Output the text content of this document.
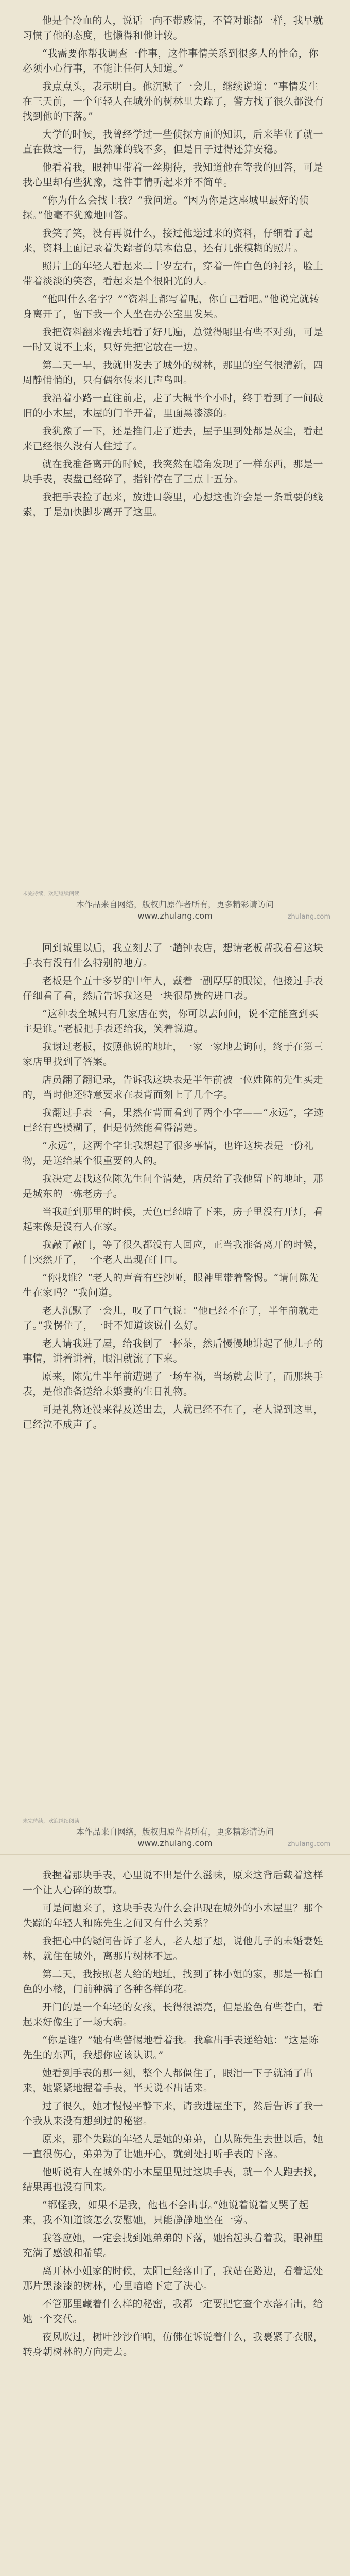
他是个冷血的人，说话一向不带感情，不管对谁都一样，我早就习惯了他的态度，也懒得和他计较。

“我需要你帮我调查一件事，这件事情关系到很多人的性命，你必须小心行事，不能让任何人知道。”

我点点头，表示明白。他沉默了一会儿，继续说道：“事情发生在三天前，一个年轻人在城外的树林里失踪了，警方找了很久都没有找到他的下落。”

大学的时候，我曾经学过一些侦探方面的知识，后来毕业了就一直在做这一行，虽然赚的钱不多，但是日子过得还算安稳。

他看着我，眼神里带着一丝期待，我知道他在等我的回答，可是我心里却有些犹豫，这件事情听起来并不简单。

“你为什么会找上我？”我问道。“因为你是这座城里最好的侦探。”他毫不犹豫地回答。

我笑了笑，没有再说什么，接过他递过来的资料，仔细看了起来，资料上面记录着失踪者的基本信息，还有几张模糊的照片。

照片上的年轻人看起来二十岁左右，穿着一件白色的衬衫，脸上带着淡淡的笑容，看起来是个很阳光的人。

“他叫什么名字？”“资料上都写着呢，你自己看吧。”他说完就转身离开了，留下我一个人坐在办公室里发呆。

我把资料翻来覆去地看了好几遍，总觉得哪里有些不对劲，可是一时又说不上来，只好先把它放在一边。

第二天一早，我就出发去了城外的树林，那里的空气很清新，四周静悄悄的，只有偶尔传来几声鸟叫。

我沿着小路一直往前走，走了大概半个小时，终于看到了一间破旧的小木屋，木屋的门半开着，里面黑漆漆的。

我犹豫了一下，还是推门走了进去，屋子里到处都是灰尘，看起来已经很久没有人住过了。

就在我准备离开的时候，我突然在墙角发现了一样东西，那是一块手表，表盘已经碎了，指针停在了三点十五分。

我把手表捡了起来，放进口袋里，心想这也许会是一条重要的线索，于是加快脚步离开了这里。

未完待续，欢迎继续阅读
本作品来自网络，版权归原作者所有，更多精彩请访问
www.zhulang.com	zhulang.com

回到城里以后，我立刻去了一趟钟表店，想请老板帮我看看这块手表有没有什么特别的地方。

老板是个五十多岁的中年人，戴着一副厚厚的眼镜，他接过手表仔细看了看，然后告诉我这是一块很昂贵的进口表。

“这种表全城只有几家店在卖，你可以去问问，说不定能查到买主是谁。”老板把手表还给我，笑着说道。

我谢过老板，按照他说的地址，一家一家地去询问，终于在第三家店里找到了答案。

店员翻了翻记录，告诉我这块表是半年前被一位姓陈的先生买走的，当时他还特意要求在表背面刻上了几个字。

我翻过手表一看，果然在背面看到了两个小字——“永远”，字迹已经有些模糊了，但是仍然能看得清楚。

“永远”，这两个字让我想起了很多事情，也许这块表是一份礼物，是送给某个很重要的人的。

我决定去找这位陈先生问个清楚，店员给了我他留下的地址，那是城东的一栋老房子。

当我赶到那里的时候，天色已经暗了下来，房子里没有开灯，看起来像是没有人在家。

我敲了敲门，等了很久都没有人回应，正当我准备离开的时候，门突然开了，一个老人出现在门口。

“你找谁？”老人的声音有些沙哑，眼神里带着警惕。“请问陈先生在家吗？”我问道。

老人沉默了一会儿，叹了口气说：“他已经不在了，半年前就走了。”我愣住了，一时不知道该说什么好。

老人请我进了屋，给我倒了一杯茶，然后慢慢地讲起了他儿子的事情，讲着讲着，眼泪就流了下来。

原来，陈先生半年前遭遇了一场车祸，当场就去世了，而那块手表，是他准备送给未婚妻的生日礼物。

可是礼物还没来得及送出去，人就已经不在了，老人说到这里，已经泣不成声了。

未完待续，欢迎继续阅读
本作品来自网络，版权归原作者所有，更多精彩请访问
www.zhulang.com	zhulang.com

我握着那块手表，心里说不出是什么滋味，原来这背后藏着这样一个让人心碎的故事。

可是问题来了，这块手表为什么会出现在城外的小木屋里？那个失踪的年轻人和陈先生之间又有什么关系？

我把心中的疑问告诉了老人，老人想了想，说他儿子的未婚妻姓林，就住在城外，离那片树林不远。

第二天，我按照老人给的地址，找到了林小姐的家，那是一栋白色的小楼，门前种满了各种各样的花。

开门的是一个年轻的女孩，长得很漂亮，但是脸色有些苍白，看起来好像生了一场大病。

“你是谁？”她有些警惕地看着我。我拿出手表递给她：“这是陈先生的东西，我想你应该认识。”

她看到手表的那一刻，整个人都僵住了，眼泪一下子就涌了出来，她紧紧地握着手表，半天说不出话来。

过了很久，她才慢慢平静下来，请我进屋坐下，然后告诉了我一个我从来没有想到过的秘密。

原来，那个失踪的年轻人是她的弟弟，自从陈先生去世以后，她一直很伤心，弟弟为了让她开心，就到处打听手表的下落。

他听说有人在城外的小木屋里见过这块手表，就一个人跑去找，结果再也没有回来。

“都怪我，如果不是我，他也不会出事。”她说着说着又哭了起来，我不知道该怎么安慰她，只能静静地坐在一旁。

我答应她，一定会找到她弟弟的下落，她抬起头看着我，眼神里充满了感激和希望。

离开林小姐家的时候，太阳已经落山了，我站在路边，看着远处那片黑漆漆的树林，心里暗暗下定了决心。

不管那里藏着什么样的秘密，我都一定要把它查个水落石出，给她一个交代。

夜风吹过，树叶沙沙作响，仿佛在诉说着什么，我裹紧了衣服，转身朝树林的方向走去。
